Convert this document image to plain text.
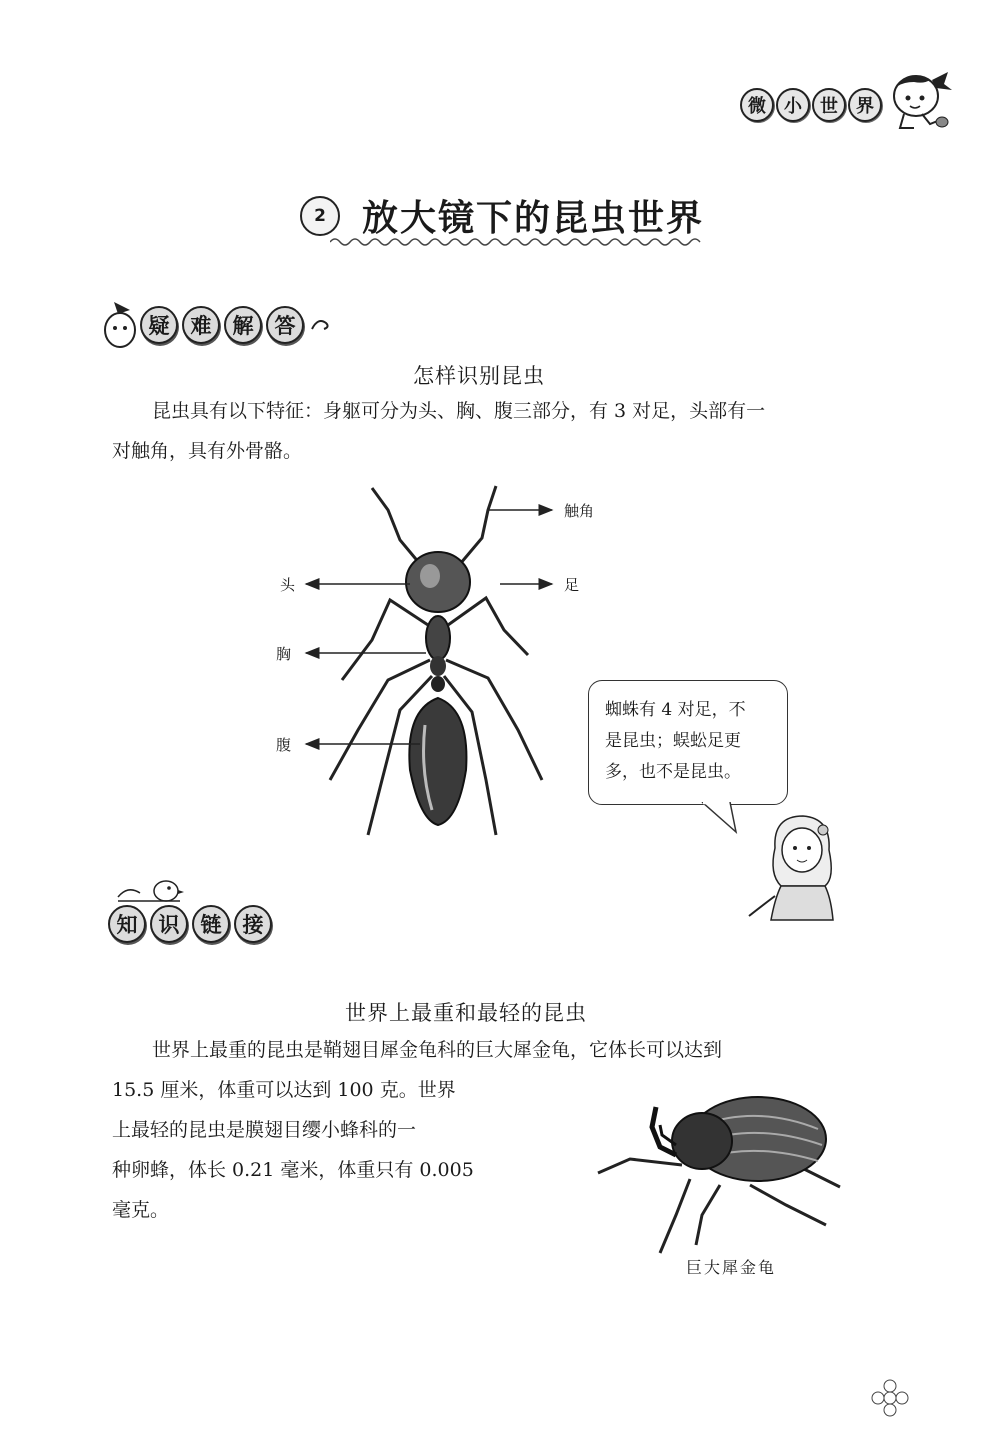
微	小	世	界
2	放大镜下的昆虫世界
疑	难	解	答
怎样识别昆虫
昆虫具有以下特征：身躯可分为头、胸、腹三部分，有 3 对足，头部有一
对触角，具有外骨骼。
触角
足
头
胸
腹
蜘蛛有 4 对足，不
是昆虫；蜈蚣足更
多，也不是昆虫。
知	识	链	接
世界上最重和最轻的昆虫
世界上最重的昆虫是鞘翅目犀金龟科的巨大犀金龟，它体长可以达到
15.5 厘米，体重可以达到 100 克。世界
上最轻的昆虫是膜翅目缨小蜂科的一
种卵蜂，体长 0.21 毫米，体重只有 0.005
毫克。
巨大犀金龟
